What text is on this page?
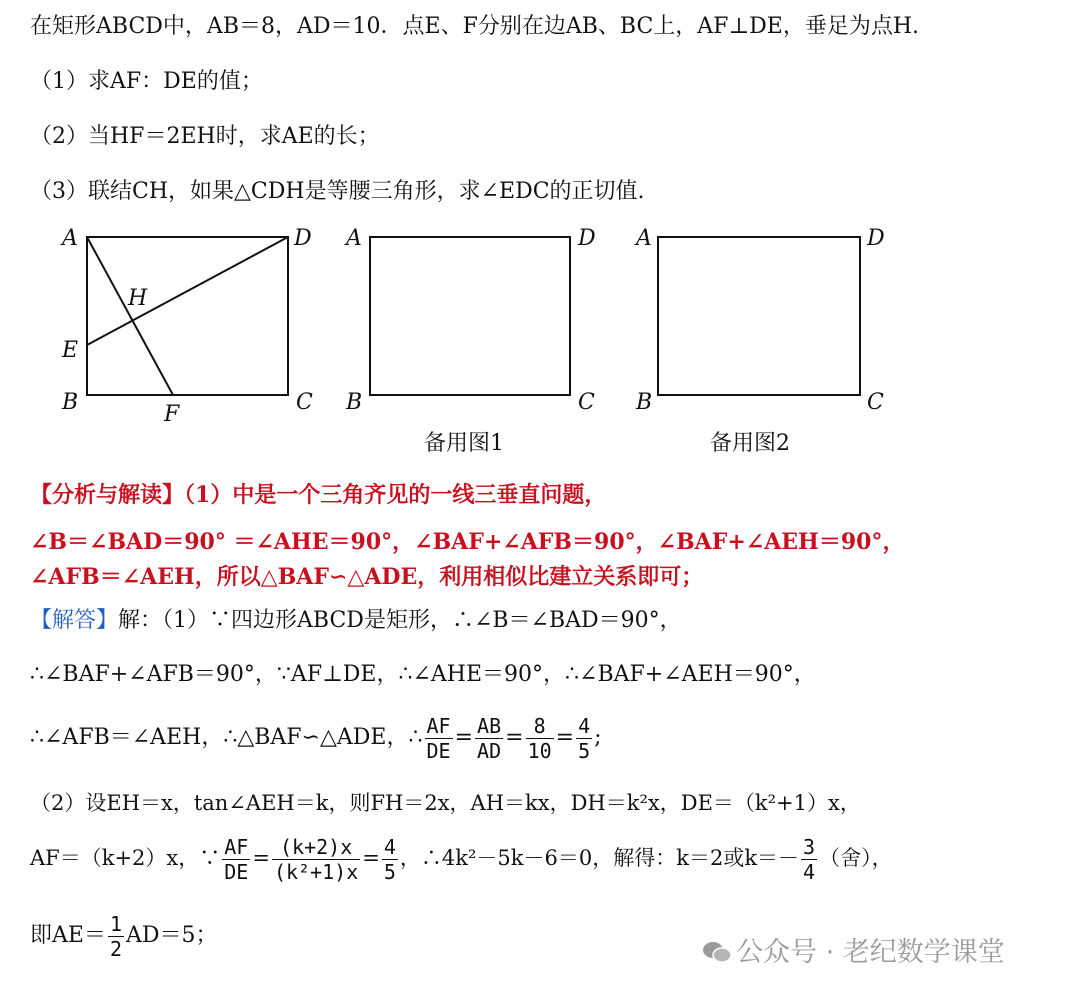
在矩形ABCD中，AB＝8，AD＝10．点E、F分别在边AB、BC上，AF⊥DE，垂足为点H.
（1）求AF：DE的值；
（2）当HF＝2EH时，求AE的长；
（3）联结CH，如果△CDH是等腰三角形，求∠EDC的正切值.
A	D
H
E
B	C
F
A	D
B	C
备用图1
A	D
B	C
备用图2
【分析与解读】（1）中是一个三角齐见的一线三垂直问题，
∠B＝∠BAD＝90° ＝∠AHE＝90°，∠BAF+∠AFB＝90°，∠BAF+∠AEH＝90°，
∠AFB＝∠AEH，所以△BAF∽△ADE，利用相似比建立关系即可；
【解答】解：（1）∵四边形ABCD是矩形，∴∠B＝∠BAD＝90°，
∴∠BAF+∠AFB＝90°，∵AF⊥DE，∴∠AHE＝90°，∴∠BAF+∠AEH＝90°，
∴∠AFB＝∠AEH，∴△BAF∽△ADE，∴ $\frac{AF}{DE} = \frac{AB}{AD} = \frac{8}{10} = \frac{4}{5}$ ;
（2）设EH＝x，tan∠AEH＝k，则FH＝2x，AH＝kx，DH＝k²x，DE＝（k²+1）x，
AF＝（k+2）x，∵ $\frac{AF}{DE} = \frac{(k+2)x}{\text{(k²+1)x}} = \frac{4}{5}$ ，∴4k²－5k－6＝0，解得：k＝2或$k=- \frac{3}{4}$ （舍），
即$AE= \frac{1}{2} AD=5$；
公众号 · 老纪数学课堂
